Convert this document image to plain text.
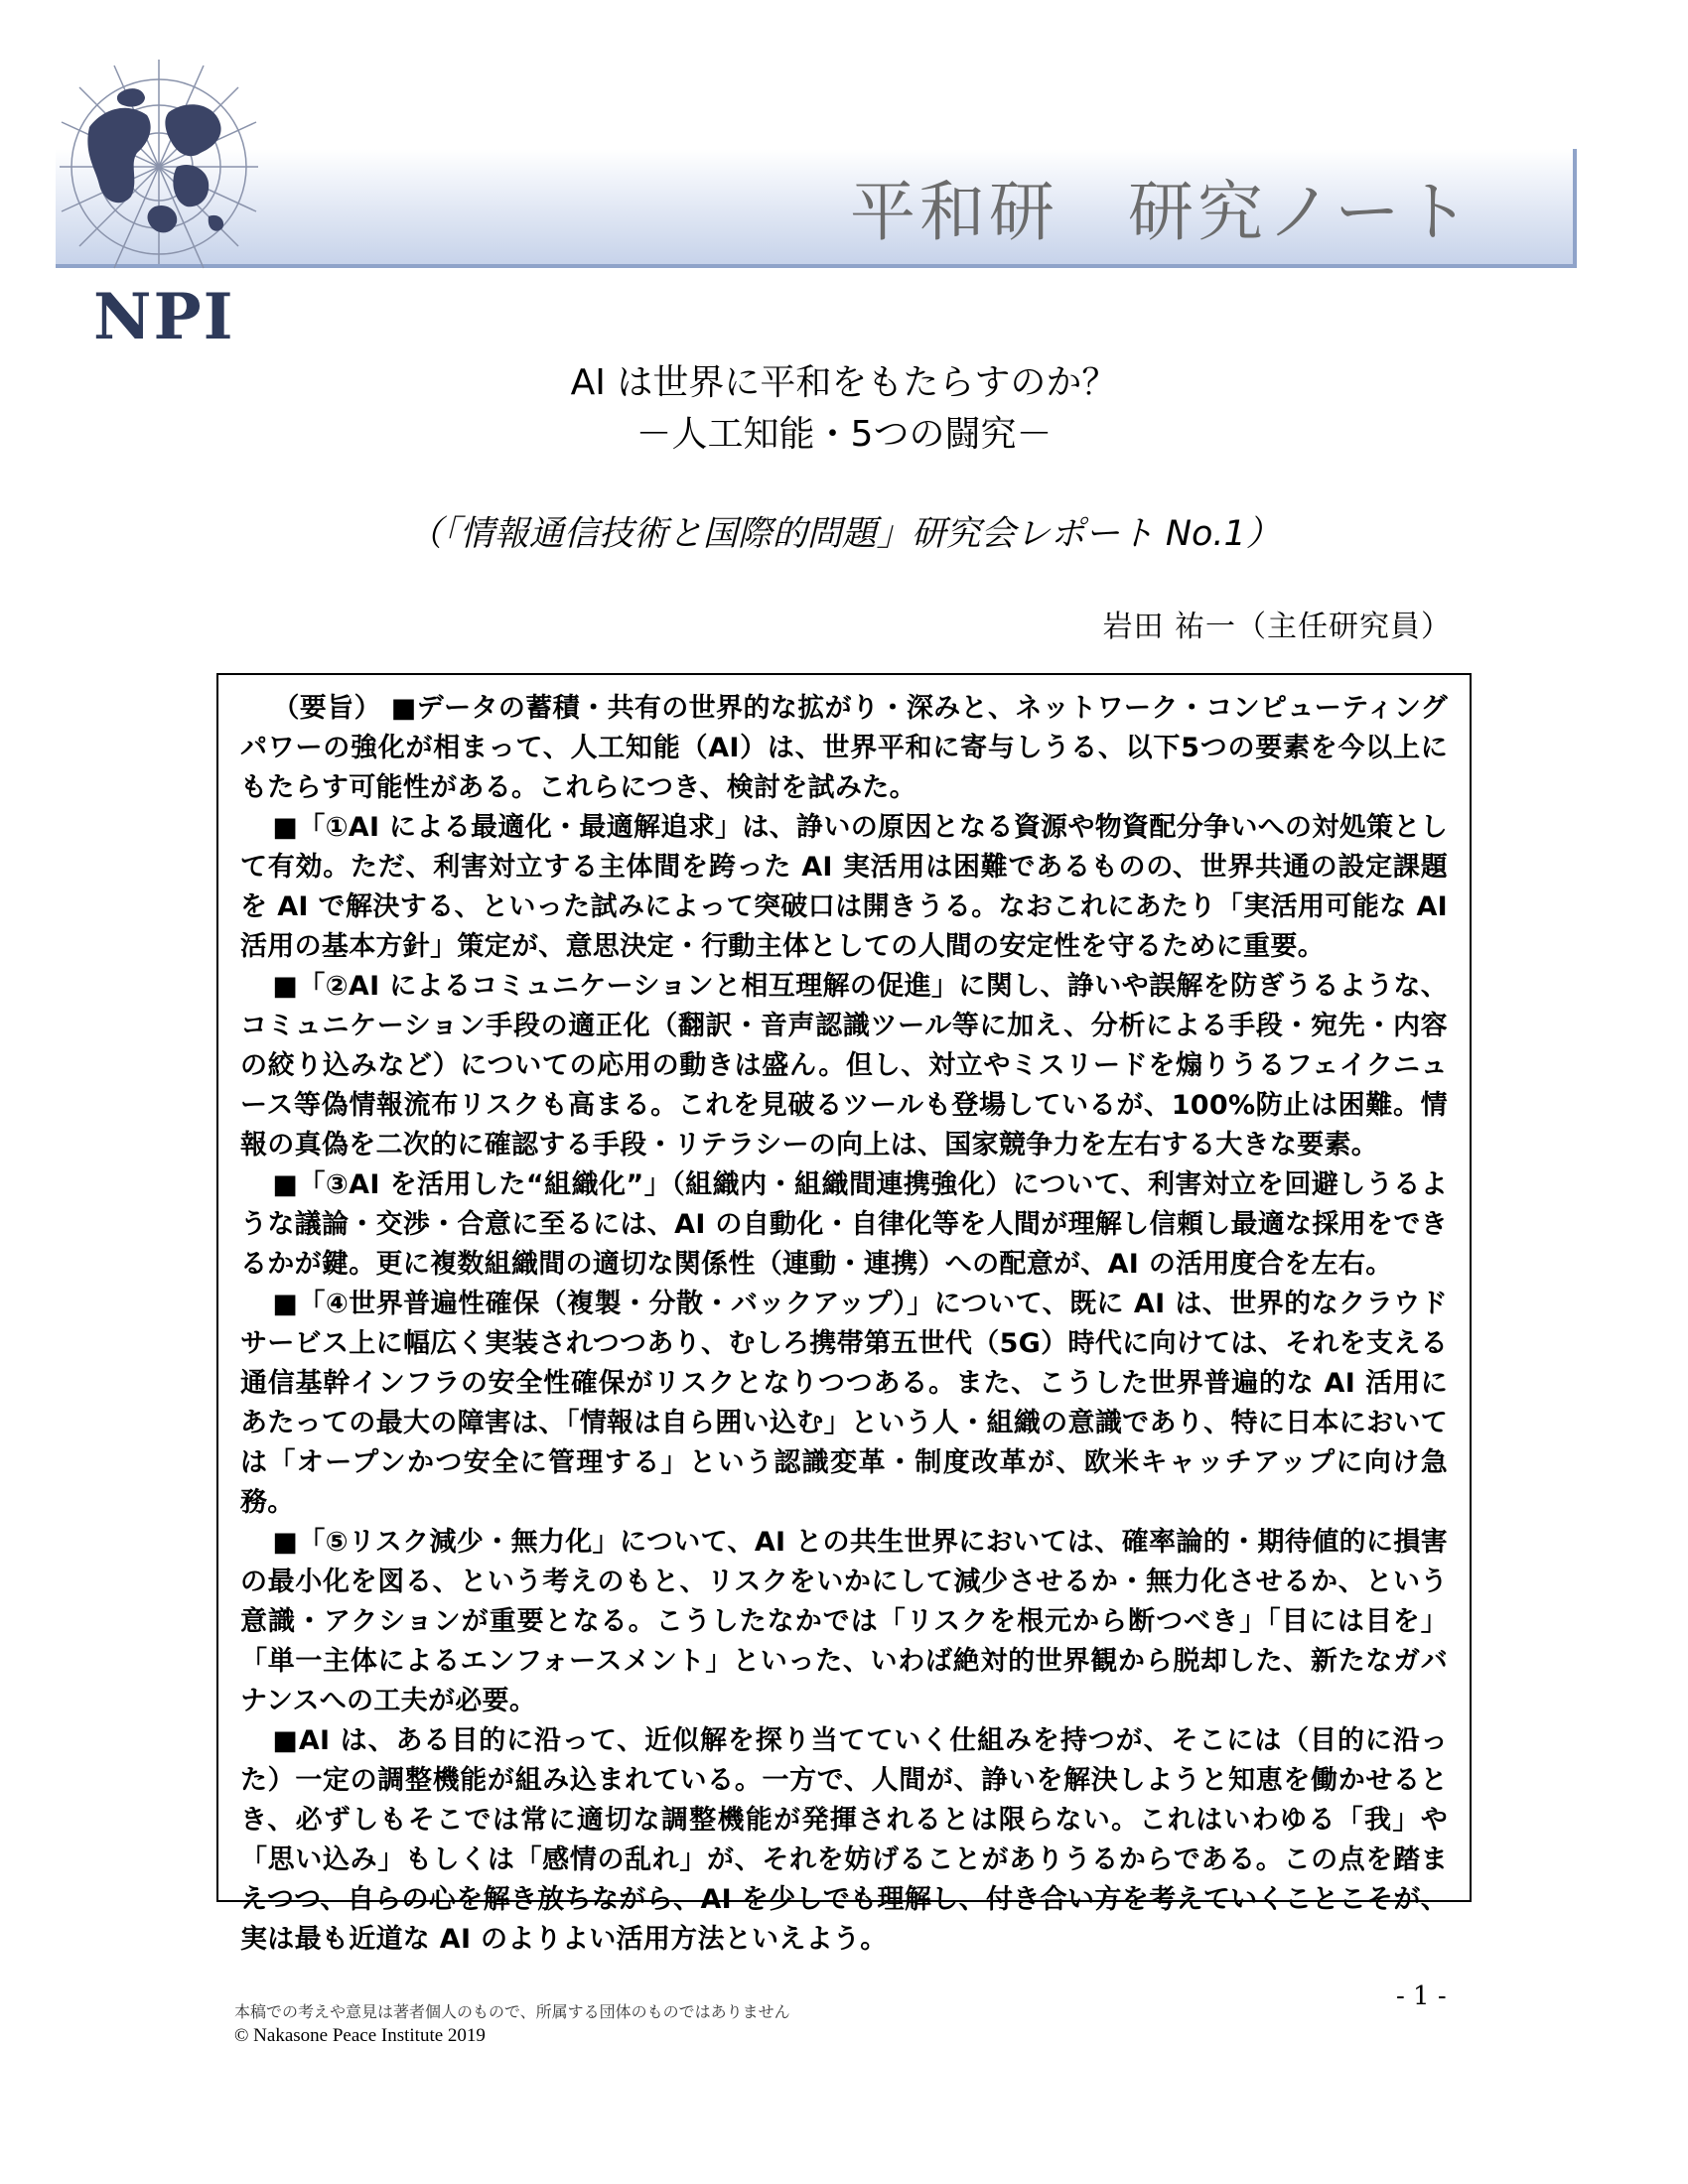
NPI
平和研　研究ノート
AI は世界に平和をもたらすのか？
－人工知能・5つの闘究－
（「情報通信技術と国際的問題」研究会レポート No.1）
岩田 祐一（主任研究員）

（要旨） ■データの蓄積・共有の世界的な拡がり・深みと、ネットワーク・コンピューティングパワーの強化が相まって、人工知能（AI）は、世界平和に寄与しうる、以下5つの要素を今以上にもたらす可能性がある。これらにつき、検討を試みた。

■「①AI による最適化・最適解追求」は、諍いの原因となる資源や物資配分争いへの対処策として有効。ただ、利害対立する主体間を跨った AI 実活用は困難であるものの、世界共通の設定課題を AI で解決する、といった試みによって突破口は開きうる。なおこれにあたり「実活用可能な AI 活用の基本方針」策定が、意思決定・行動主体としての人間の安定性を守るために重要。

■「②AI によるコミュニケーションと相互理解の促進」に関し、諍いや誤解を防ぎうるような、コミュニケーション手段の適正化（翻訳・音声認識ツール等に加え、分析による手段・宛先・内容の絞り込みなど）についての応用の動きは盛ん。但し、対立やミスリードを煽りうるフェイクニュース等偽情報流布リスクも高まる。これを見破るツールも登場しているが、100%防止は困難。情報の真偽を二次的に確認する手段・リテラシーの向上は、国家競争力を左右する大きな要素。

■「③AI を活用した“組織化”」（組織内・組織間連携強化）について、利害対立を回避しうるような議論・交渉・合意に至るには、AI の自動化・自律化等を人間が理解し信頼し最適な採用をできるかが鍵。更に複数組織間の適切な関係性（連動・連携）への配意が、AI の活用度合を左右。

■「④世界普遍性確保（複製・分散・バックアップ）」について、既に AI は、世界的なクラウドサービス上に幅広く実装されつつあり、むしろ携帯第五世代（5G）時代に向けては、それを支える通信基幹インフラの安全性確保がリスクとなりつつある。また、こうした世界普遍的な AI 活用にあたっての最大の障害は、「情報は自ら囲い込む」という人・組織の意識であり、特に日本においては「オープンかつ安全に管理する」という認識変革・制度改革が、欧米キャッチアップに向け急務。

■「⑤リスク減少・無力化」について、AI との共生世界においては、確率論的・期待値的に損害の最小化を図る、という考えのもと、リスクをいかにして減少させるか・無力化させるか、という意識・アクションが重要となる。こうしたなかでは「リスクを根元から断つべき」「目には目を」「単一主体によるエンフォースメント」といった、いわば絶対的世界観から脱却した、新たなガバナンスへの工夫が必要。

■AI は、ある目的に沿って、近似解を探り当てていく仕組みを持つが、そこには（目的に沿った）一定の調整機能が組み込まれている。一方で、人間が、諍いを解決しようと知恵を働かせるとき、必ずしもそこでは常に適切な調整機能が発揮されるとは限らない。これはいわゆる「我」や「思い込み」もしくは「感情の乱れ」が、それを妨げることがありうるからである。この点を踏まえつつ、自らの心を解き放ちながら、AI を少しでも理解し、付き合い方を考えていくことこそが、実は最も近道な AI のよりよい活用方法といえよう。

- 1 -
本稿での考えや意見は著者個人のもので、所属する団体のものではありません
© Nakasone Peace Institute 2019
